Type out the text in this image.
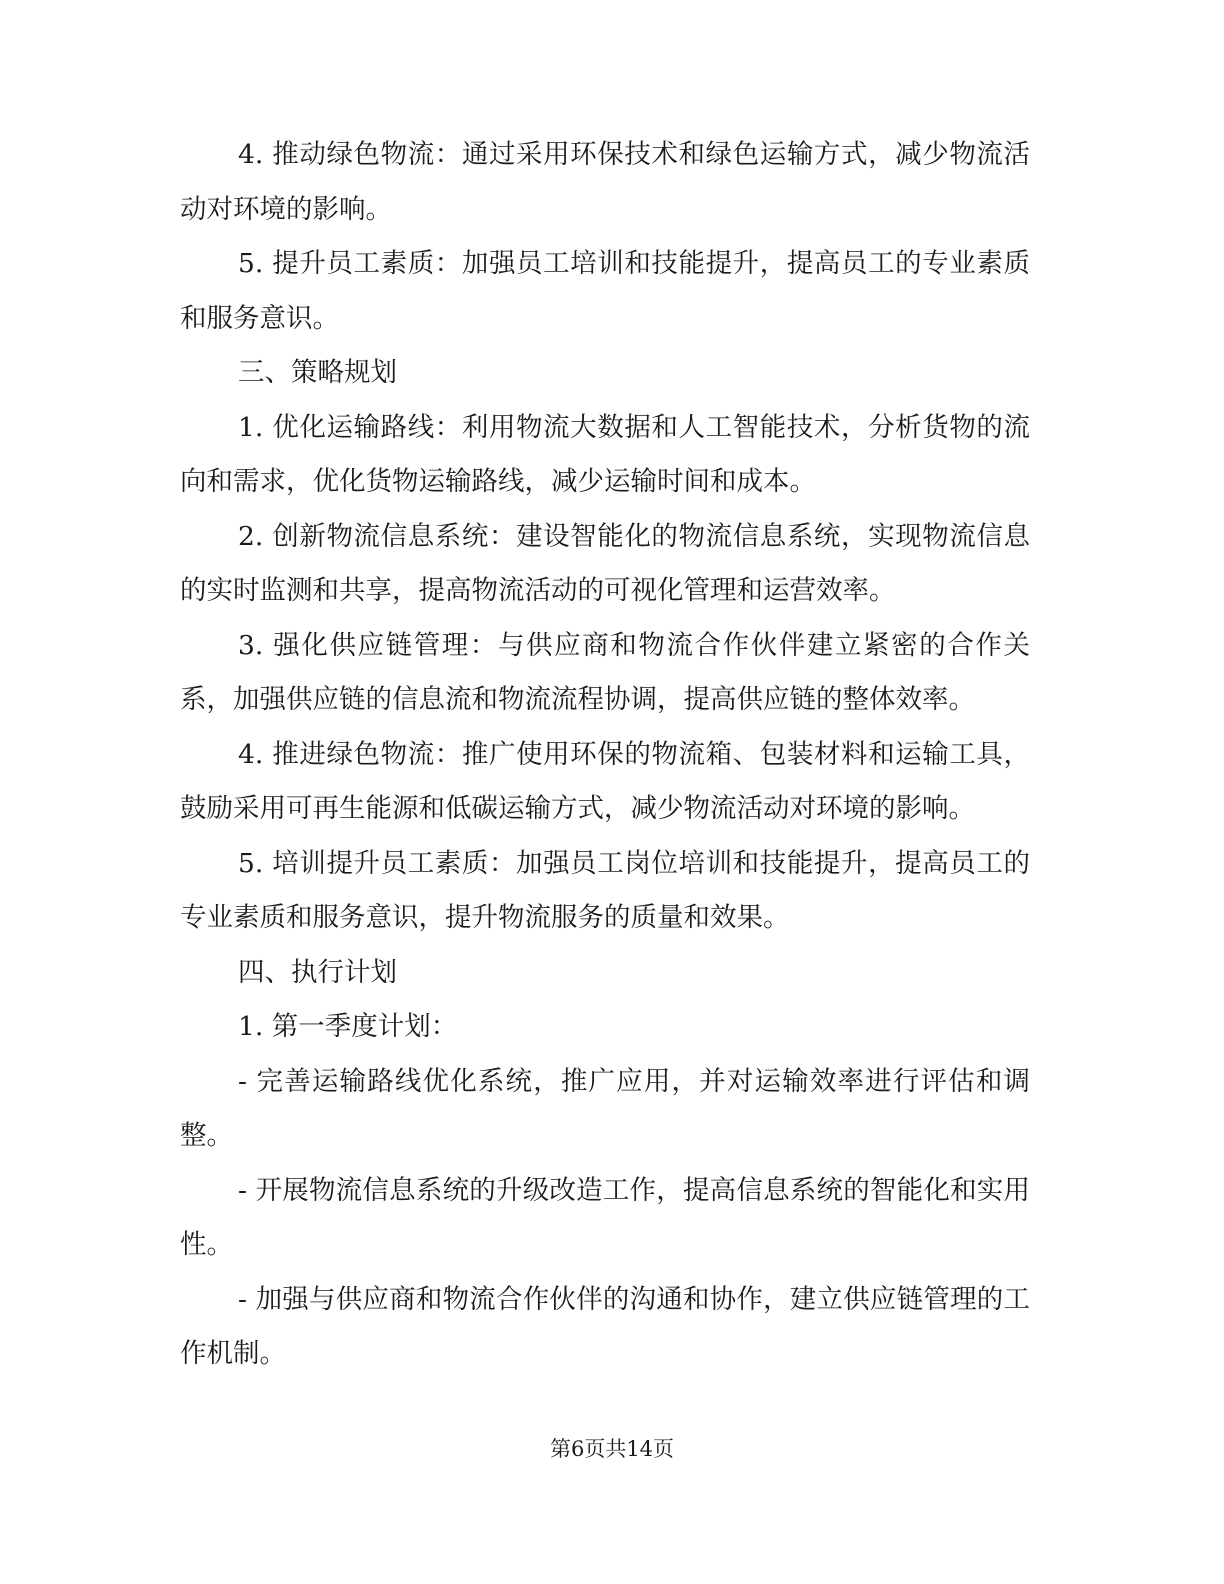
4. 推动绿色物流：通过采用环保技术和绿色运输方式，减少物流活动对环境的影响。

5. 提升员工素质：加强员工培训和技能提升，提高员工的专业素质和服务意识。

三、策略规划

1. 优化运输路线：利用物流大数据和人工智能技术，分析货物的流向和需求，优化货物运输路线，减少运输时间和成本。

2. 创新物流信息系统：建设智能化的物流信息系统，实现物流信息的实时监测和共享，提高物流活动的可视化管理和运营效率。

3. 强化供应链管理：与供应商和物流合作伙伴建立紧密的合作关系，加强供应链的信息流和物流流程协调，提高供应链的整体效率。

4. 推进绿色物流：推广使用环保的物流箱、包装材料和运输工具，鼓励采用可再生能源和低碳运输方式，减少物流活动对环境的影响。

5. 培训提升员工素质：加强员工岗位培训和技能提升，提高员工的专业素质和服务意识，提升物流服务的质量和效果。

四、执行计划

1. 第一季度计划：

- 完善运输路线优化系统，推广应用，并对运输效率进行评估和调整。

- 开展物流信息系统的升级改造工作，提高信息系统的智能化和实用性。

- 加强与供应商和物流合作伙伴的沟通和协作，建立供应链管理的工作机制。

第6页共14页
